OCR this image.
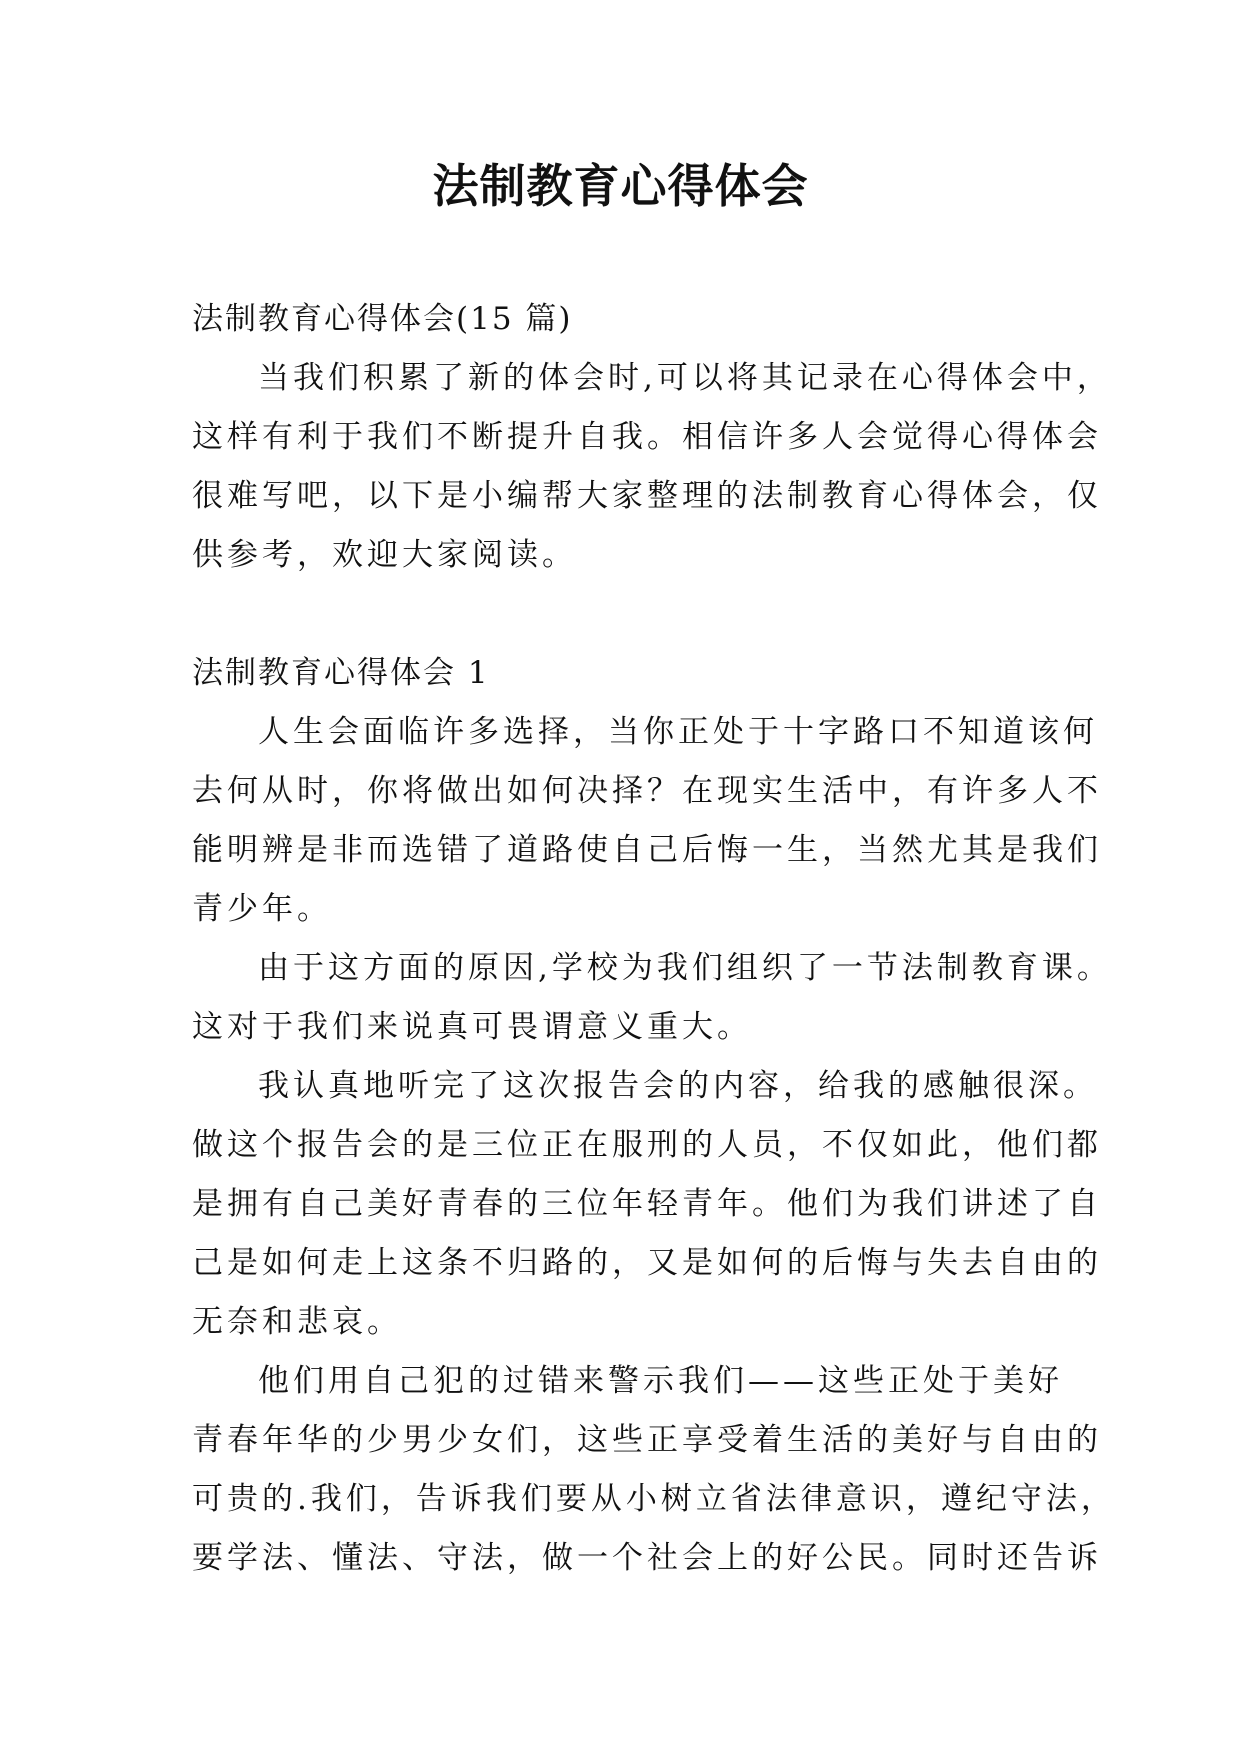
法制教育心得体会
法制教育心得体会(15 篇)
当我们积累了新的体会时,可以将其记录在心得体会中，
这样有利于我们不断提升自我。相信许多人会觉得心得体会
很难写吧，以下是小编帮大家整理的法制教育心得体会，仅
供参考，欢迎大家阅读。
法制教育心得体会 1
人生会面临许多选择，当你正处于十字路口不知道该何
去何从时，你将做出如何决择？在现实生活中，有许多人不
能明辨是非而选错了道路使自己后悔一生，当然尤其是我们
青少年。
由于这方面的原因,学校为我们组织了一节法制教育课。
这对于我们来说真可畏谓意义重大。
我认真地听完了这次报告会的内容，给我的感触很深。
做这个报告会的是三位正在服刑的人员，不仅如此，他们都
是拥有自己美好青春的三位年轻青年。他们为我们讲述了自
己是如何走上这条不归路的，又是如何的后悔与失去自由的
无奈和悲哀。
他们用自己犯的过错来警示我们——这些正处于美好
青春年华的少男少女们，这些正享受着生活的美好与自由的
可贵的.我们，告诉我们要从小树立省法律意识，遵纪守法，
要学法、懂法、守法，做一个社会上的好公民。同时还告诉
